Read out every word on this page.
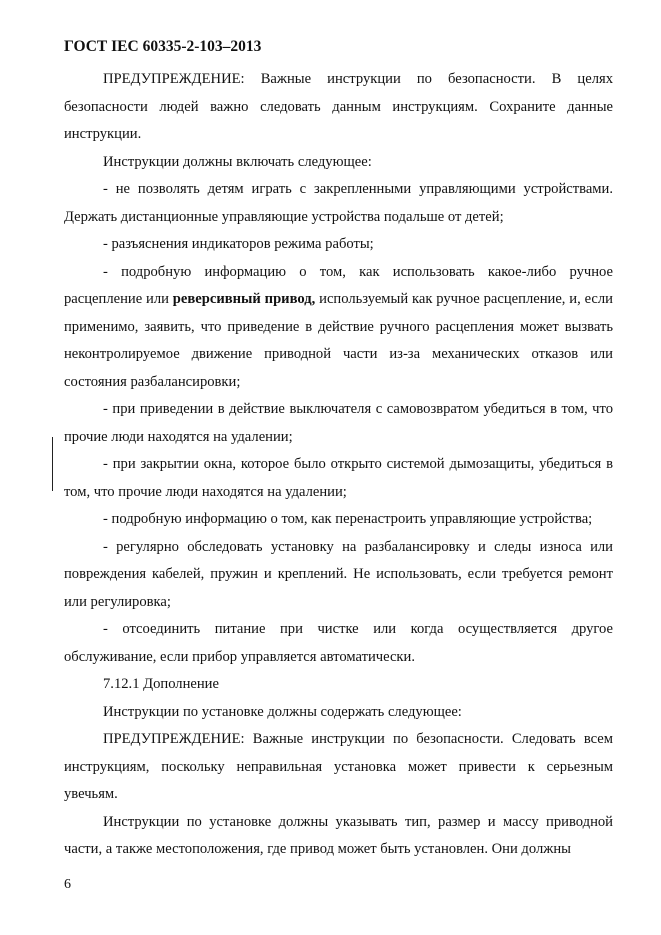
ГОСТ IEC 60335-2-103–2013

ПРЕДУПРЕЖДЕНИЕ: Важные инструкции по безопасности. В целях безопасности людей важно следовать данным инструкциям. Сохраните данные инструкции.

Инструкции должны включать следующее:

- не позволять детям играть с закрепленными управляющими устройствами. Держать дистанционные управляющие устройства подальше от детей;

- разъяснения индикаторов режима работы;

- подробную информацию о том, как использовать какое-либо ручное расцепление или реверсивный привод, используемый как ручное расцепление, и, если применимо, заявить, что приведение в действие ручного расцепления может вызвать неконтролируемое движение приводной части из-за механических отказов или состояния разбалансировки;

- при приведении в действие выключателя с самовозвратом убедиться в том, что прочие люди находятся на удалении;

- при закрытии окна, которое было открыто системой дымозащиты, убедиться в том, что прочие люди находятся на удалении;

- подробную информацию о том, как перенастроить управляющие устройства;

- регулярно обследовать установку на разбалансировку и следы износа или повреждения кабелей, пружин и креплений. Не использовать, если требуется ремонт или регулировка;

- отсоединить питание при чистке или когда осуществляется другое обслуживание, если прибор управляется автоматически.

7.12.1 Дополнение

Инструкции по установке должны содержать следующее:

ПРЕДУПРЕЖДЕНИЕ: Важные инструкции по безопасности. Следовать всем инструкциям, поскольку неправильная установка может привести к серьезным увечьям.

Инструкции по установке должны указывать тип, размер и массу приводной части, а также местоположения, где привод может быть установлен. Они должны

6
